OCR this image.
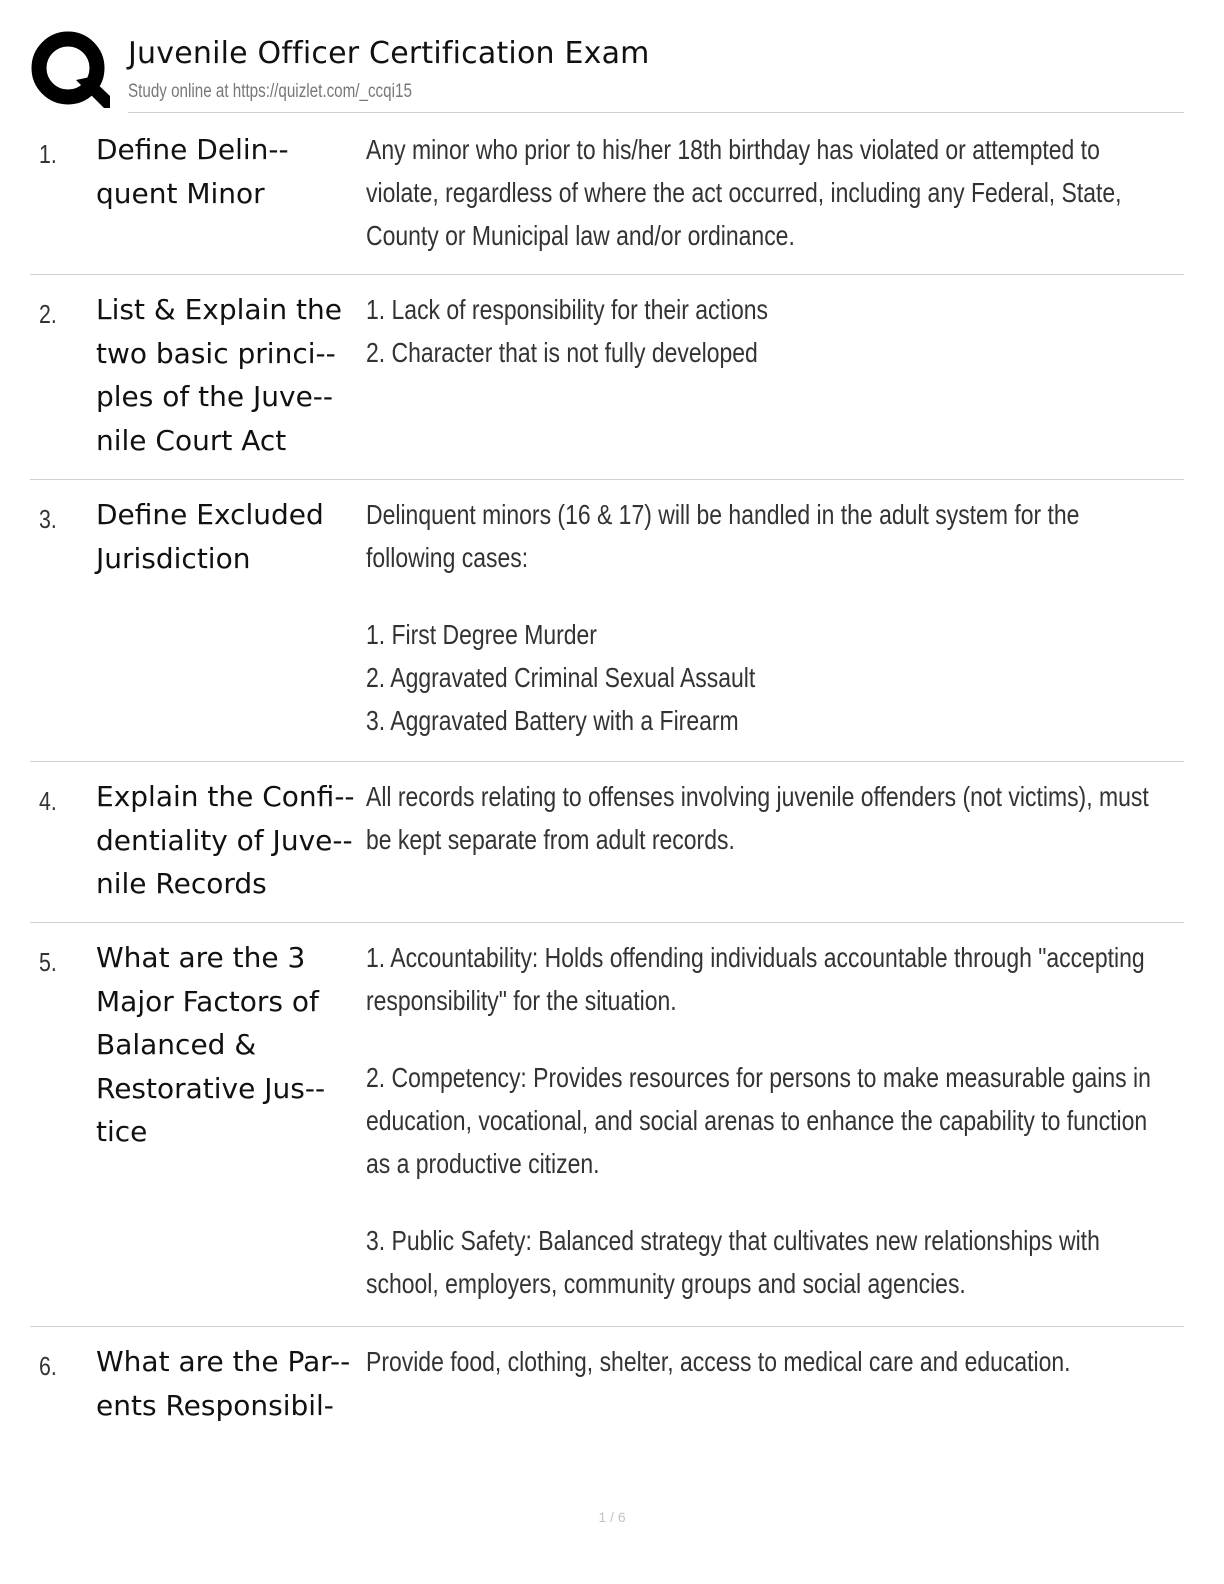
Juvenile Officer Certification Exam
Study online at https://quizlet.com/_ccqi15
1. Define Delin-quent Minor

Any minor who prior to his/her 18th birthday has violated or attempted to violate, regardless of where the act occurred, including any Federal, State, County or Municipal law and/or ordinance.

2. List & Explain the two basic princi-ples of the Juve-nile Court Act

1. Lack of responsibility for their actions
2. Character that is not fully developed

3. Define Excluded Jurisdiction

Delinquent minors (16 & 17) will be handled in the adult system for the following cases:

1. First Degree Murder
2. Aggravated Criminal Sexual Assault
3. Aggravated Battery with a Firearm

4. Explain the Confi-dentiality of Juve-nile Records

All records relating to offenses involving juvenile offenders (not victims), must be kept separate from adult records.

5. What are the 3 Major Factors of Balanced & Restorative Jus-tice

1. Accountability: Holds offending individuals accountable through "accepting responsibility" for the situation.

2. Competency: Provides resources for persons to make measurable gains in education, vocational, and social arenas to enhance the capability to function as a productive citizen.

3. Public Safety: Balanced strategy that cultivates new relationships with school, employers, community groups and social agencies.

6. What are the Par-ents Responsibil-

Provide food, clothing, shelter, access to medical care and education.

1 / 6
